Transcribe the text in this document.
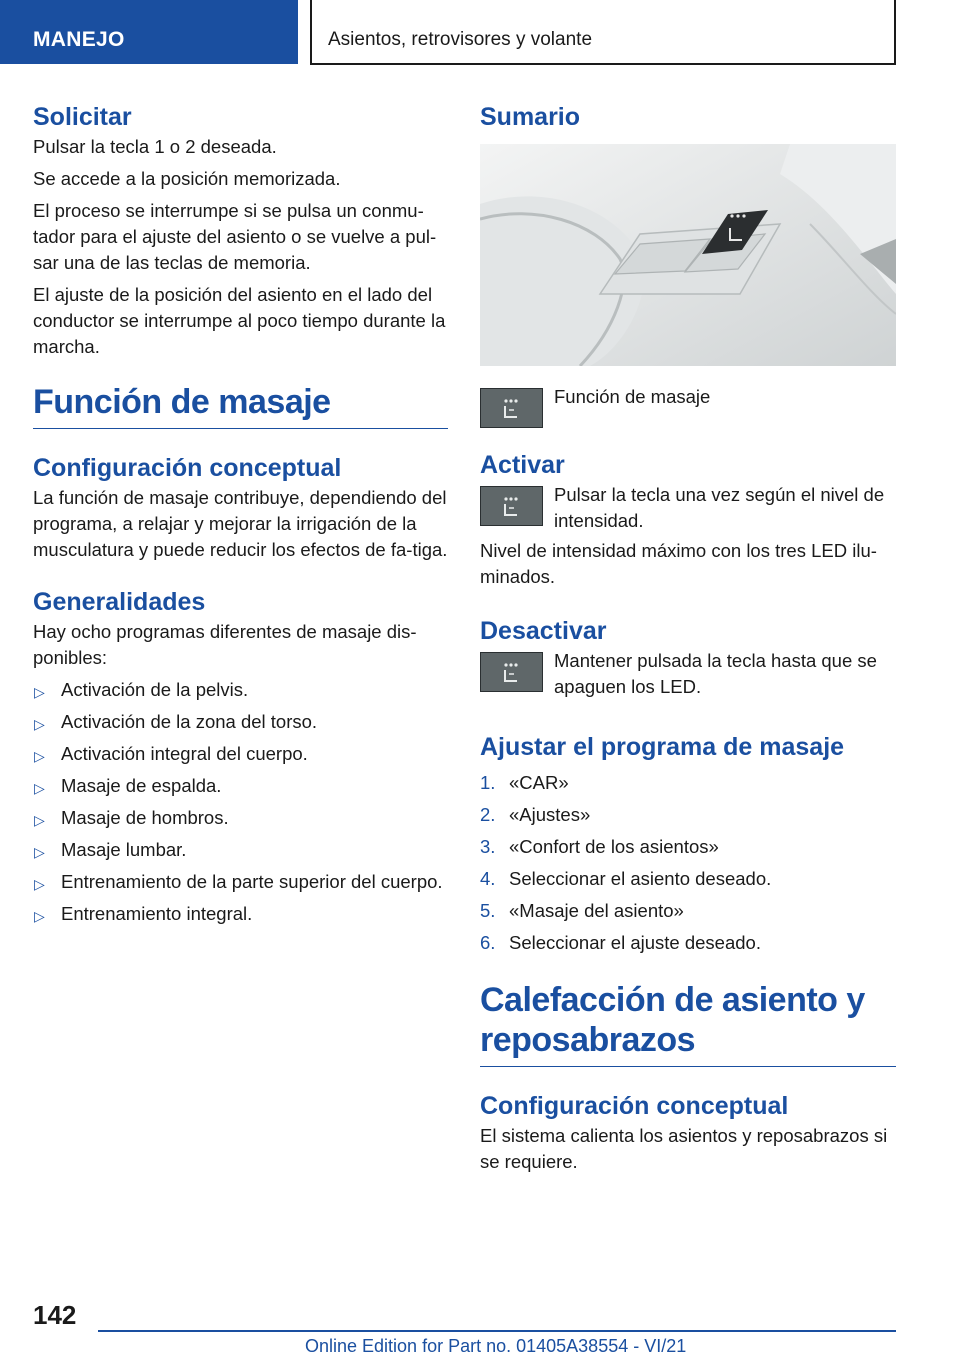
MANEJO	Asientos, retrovisores y volante
Solicitar

Pulsar la tecla 1 o 2 deseada.

Se accede a la posición memorizada.

El proceso se interrumpe si se pulsa un conmu‐tador para el ajuste del asiento o se vuelve a pul‐sar una de las teclas de memoria.

El ajuste de la posición del asiento en el lado del conductor se interrumpe al poco tiempo durante la marcha.

Función de masaje
Configuración conceptual

La función de masaje contribuye, dependiendo del programa, a relajar y mejorar la irrigación de la musculatura y puede reducir los efectos de fa‐tiga.

Generalidades

Hay ocho programas diferentes de masaje dis‐ponibles:

▷ Activación de la pelvis.
▷ Activación de la zona del torso.
▷ Activación integral del cuerpo.
▷ Masaje de espalda.
▷ Masaje de hombros.
▷ Masaje lumbar.
▷ Entrenamiento de la parte superior del cuerpo.
▷ Entrenamiento integral.
Sumario

Función de masaje

Activar

Pulsar la tecla una vez según el nivel de intensidad.

Nivel de intensidad máximo con los tres LED ilu‐minados.

Desactivar

Mantener pulsada la tecla hasta que se apaguen los LED.

Ajustar el programa de masaje
1. «CAR»
2. «Ajustes»
3. «Confort de los asientos»
4. Seleccionar el asiento deseado.
5. «Masaje del asiento»
6. Seleccionar el ajuste deseado.
Calefacción de asiento y reposabrazos
Configuración conceptual

El sistema calienta los asientos y reposabrazos si se requiere.

142
Online Edition for Part no. 01405A38554 - VI/21
